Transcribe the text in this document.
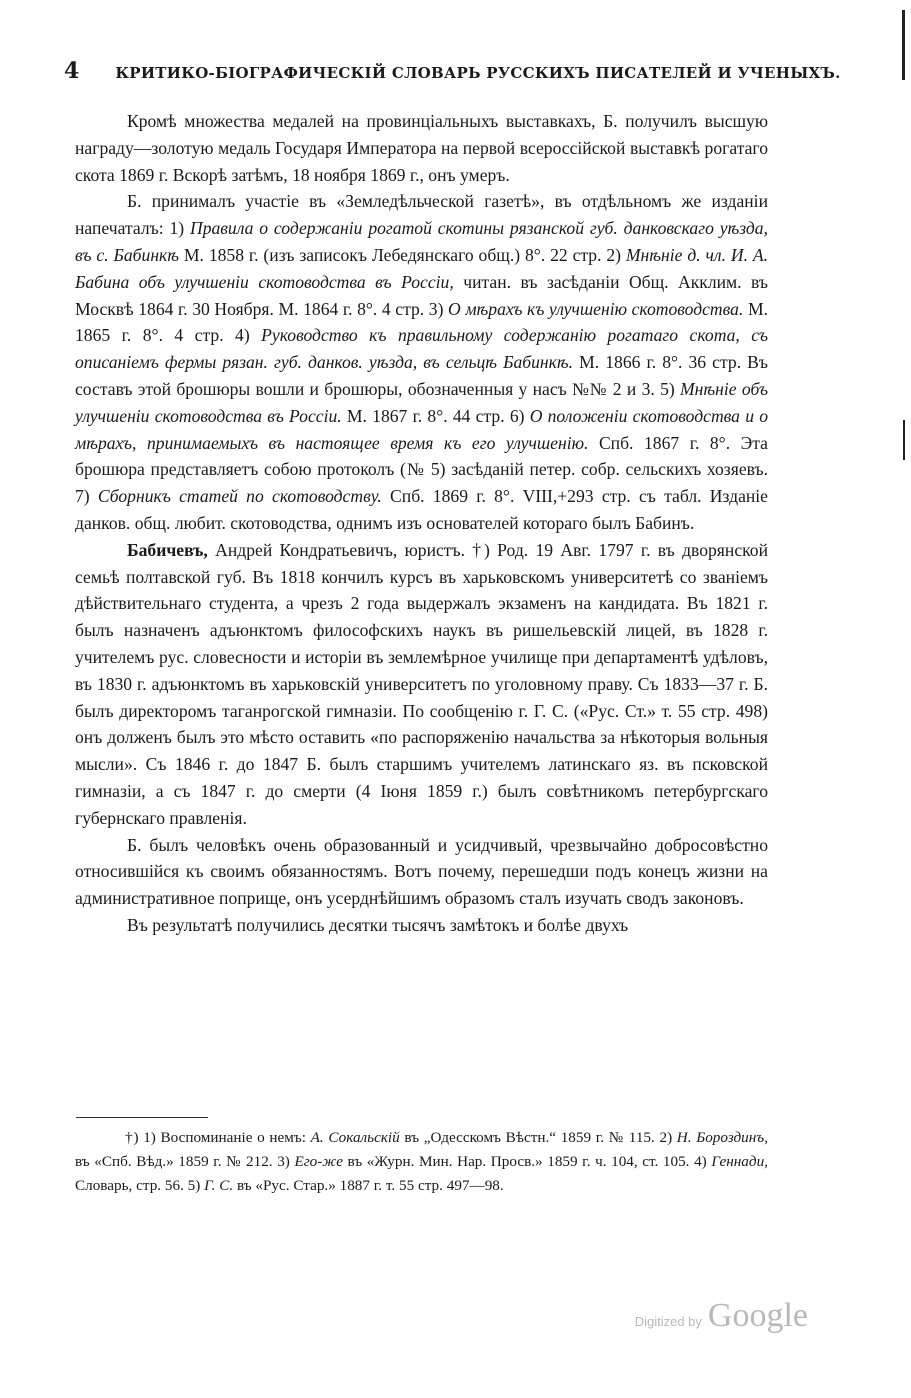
4 КРИТИКО-БІОГРАФИЧЕСКІЙ СЛОВАРЬ РУССКИХЪ ПИСАТЕЛЕЙ И УЧЕНЫХЪ.

Кромѣ множества медалей на провинціальныхъ выставкахъ, Б. получилъ высшую награду—золотую медаль Государя Императора на первой всероссійской выставкѣ рогатаго скота 1869 г. Вскорѣ затѣмъ, 18 ноября 1869 г., онъ умеръ.

Б. принималъ участіе въ «Земледѣльческой газетѣ», въ отдѣльномъ же изданіи напечаталъ: 1) Правила о содержаніи рогатой скотины рязанской губ. данковскаго уѣзда, въ с. Бабинкѣ М. 1858 г. (изъ записокъ Лебедянскаго общ.) 8°. 22 стр. 2) Мнѣніе д. чл. И. А. Бабина объ улучшеніи скотоводства въ Россіи, читан. въ засѣданіи Общ. Акклим. въ Москвѣ 1864 г. 30 Ноября. М. 1864 г. 8°. 4 стр. 3) О мѣрахъ къ улучшенію скотоводства. М. 1865 г. 8°. 4 стр. 4) Руководство къ правильному содержанію рогатаго скота, съ описаніемъ фермы рязан. губ. данков. уѣзда, въ сельцѣ Бабинкѣ. М. 1866 г. 8°. 36 стр. Въ составъ этой брошюры вошли и брошюры, обозначенныя у насъ №№ 2 и 3. 5) Мнѣніе объ улучшеніи скотоводства въ Россіи. М. 1867 г. 8°. 44 стр. 6) О положеніи скотоводства и о мѣрахъ, принимаемыхъ въ настоящее время къ его улучшенію. Спб. 1867 г. 8°. Эта брошюра представляетъ собою протоколъ (№ 5) засѣданій петер. собр. сельскихъ хозяевъ. 7) Сборникъ статей по скотоводству. Спб. 1869 г. 8°. VIII,+293 стр. съ табл. Изданіе данков. общ. любит. скотоводства, однимъ изъ основателей котораго былъ Бабинъ.

Бабичевъ, Андрей Кондратьевичъ, юристъ. †) Род. 19 Авг. 1797 г. въ дворянской семьѣ полтавской губ. Въ 1818 кончилъ курсъ въ харьковскомъ университетѣ со званіемъ дѣйствительнаго студента, а чрезъ 2 года выдержалъ экзаменъ на кандидата. Въ 1821 г. былъ назначенъ адъюнктомъ философскихъ наукъ въ ришельевскій лицей, въ 1828 г. учителемъ рус. словесности и исторіи въ землемѣрное училище при департаментѣ удѣловъ, въ 1830 г. адъюнктомъ въ харьковскій университетъ по уголовному праву. Съ 1833—37 г. Б. былъ директоромъ таганрогской гимназіи. По сообщенію г. Г. С. («Рус. Ст.» т. 55 стр. 498) онъ долженъ былъ это мѣсто оставить «по распоряженію начальства за нѣкоторыя вольныя мысли». Съ 1846 г. до 1847 Б. былъ старшимъ учителемъ латинскаго яз. въ псковской гимназіи, а съ 1847 г. до смерти (4 Іюня 1859 г.) былъ совѣтникомъ петербургскаго губернскаго правленія.

Б. былъ человѣкъ очень образованный и усидчивый, чрезвычайно добросовѣстно относившійся къ своимъ обязанностямъ. Вотъ почему, перешедши подъ конецъ жизни на административное поприще, онъ усерднѣйшимъ образомъ сталъ изучать сводъ законовъ.

Въ результатѣ получились десятки тысячъ замѣтокъ и болѣе двухъ

†) 1) Воспоминаніе о немъ: А. Сокальскій въ „Одесскомъ Вѣстн.“ 1859 г. № 115. 2) Н. Бороздинъ, въ «Спб. Вѣд.» 1859 г. № 212. 3) Его-же въ «Журн. Мин. Нар. Просв.» 1859 г. ч. 104, ст. 105. 4) Геннади, Словарь, стр. 56. 5) Г. С. въ «Рус. Стар.» 1887 г. т. 55 стр. 497—98.

Digitized by Google
